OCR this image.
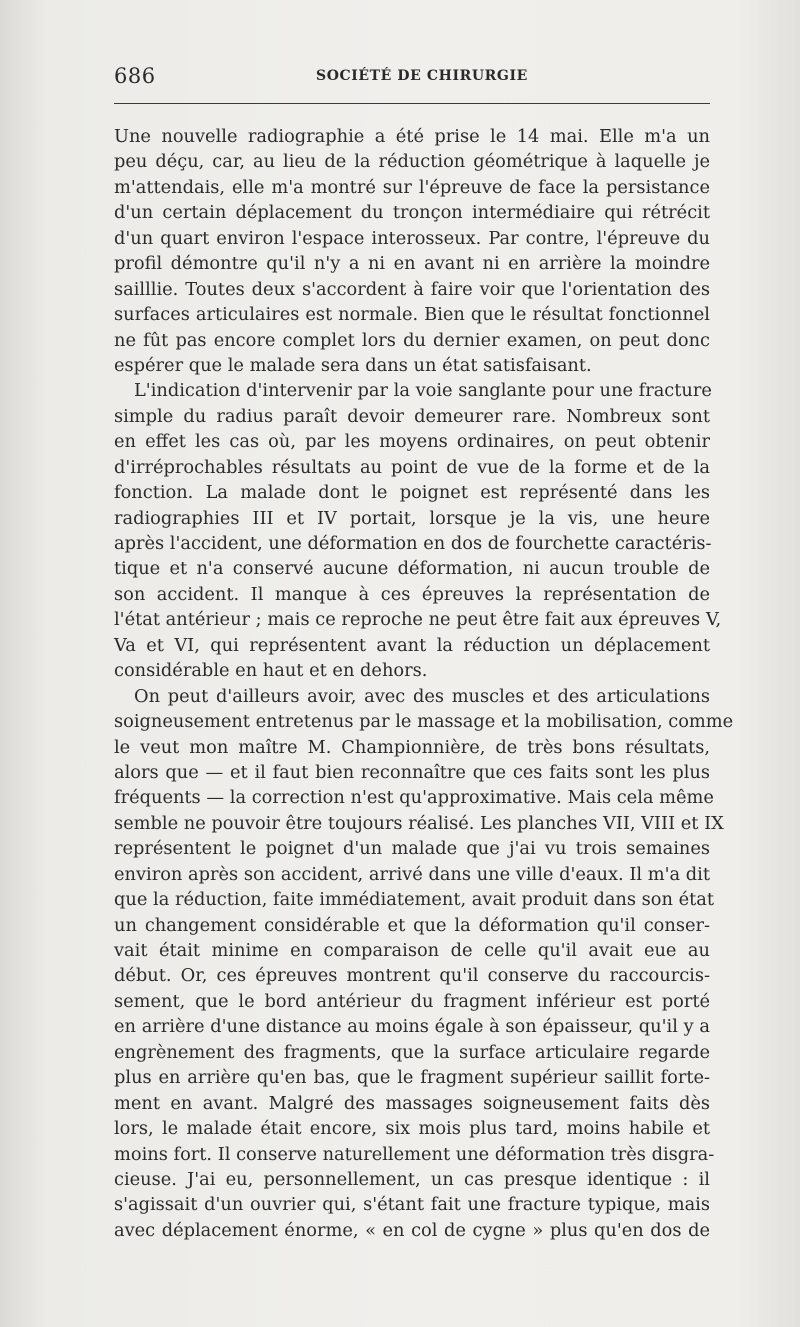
686	SOCIÉTÉ DE CHIRURGIE
Une nouvelle radiographie a été prise le 14 mai. Elle m'a un
peu déçu, car, au lieu de la réduction géométrique à laquelle je
m'attendais, elle m'a montré sur l'épreuve de face la persistance
d'un certain déplacement du tronçon intermédiaire qui rétrécit
d'un quart environ l'espace interosseux. Par contre, l'épreuve du
profil démontre qu'il n'y a ni en avant ni en arrière la moindre
sailllie. Toutes deux s'accordent à faire voir que l'orientation des
surfaces articulaires est normale. Bien que le résultat fonctionnel
ne fût pas encore complet lors du dernier examen, on peut donc
espérer que le malade sera dans un état satisfaisant.
L'indication d'intervenir par la voie sanglante pour une fracture
simple du radius paraît devoir demeurer rare. Nombreux sont
en effet les cas où, par les moyens ordinaires, on peut obtenir
d'irréprochables résultats au point de vue de la forme et de la
fonction. La malade dont le poignet est représenté dans les
radiographies III et IV portait, lorsque je la vis, une heure
après l'accident, une déformation en dos de fourchette caractéris-
tique et n'a conservé aucune déformation, ni aucun trouble de
son accident. Il manque à ces épreuves la représentation de
l'état antérieur ; mais ce reproche ne peut être fait aux épreuves V,
Va et VI, qui représentent avant la réduction un déplacement
considérable en haut et en dehors.
On peut d'ailleurs avoir, avec des muscles et des articulations
soigneusement entretenus par le massage et la mobilisation, comme
le veut mon maître M. Championnière, de très bons résultats,
alors que — et il faut bien reconnaître que ces faits sont les plus
fréquents — la correction n'est qu'approximative. Mais cela même
semble ne pouvoir être toujours réalisé. Les planches VII, VIII et IX
représentent le poignet d'un malade que j'ai vu trois semaines
environ après son accident, arrivé dans une ville d'eaux. Il m'a dit
que la réduction, faite immédiatement, avait produit dans son état
un changement considérable et que la déformation qu'il conser-
vait était minime en comparaison de celle qu'il avait eue au
début. Or, ces épreuves montrent qu'il conserve du raccourcis-
sement, que le bord antérieur du fragment inférieur est porté
en arrière d'une distance au moins égale à son épaisseur, qu'il y a
engrènement des fragments, que la surface articulaire regarde
plus en arrière qu'en bas, que le fragment supérieur saillit forte-
ment en avant. Malgré des massages soigneusement faits dès
lors, le malade était encore, six mois plus tard, moins habile et
moins fort. Il conserve naturellement une déformation très disgra-
cieuse. J'ai eu, personnellement, un cas presque identique : il
s'agissait d'un ouvrier qui, s'étant fait une fracture typique, mais
avec déplacement énorme, « en col de cygne » plus qu'en dos de
